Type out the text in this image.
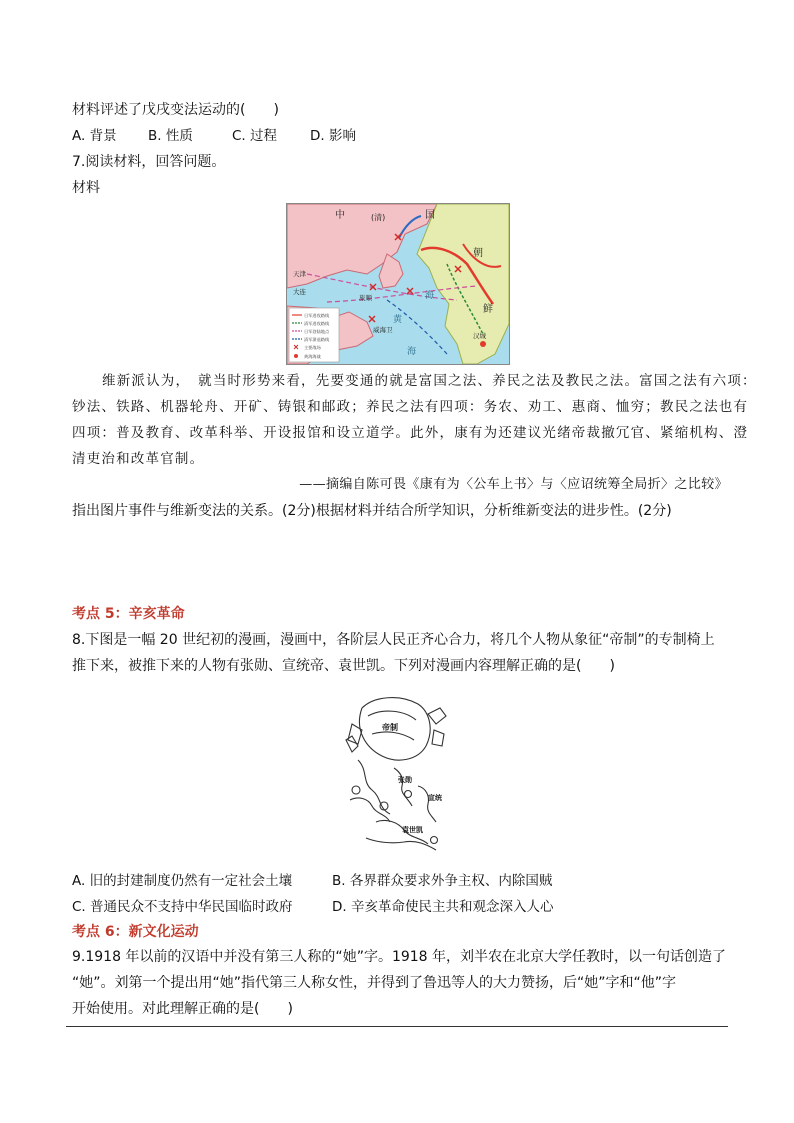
材料评述了戊戌变法运动的(　　)
A. 背景 B. 性质	C. 过程 D. 影响
7.阅读材料，回答问题。
材料
中	(清)	国
朝
鲜
天津
大连
旅顺
威海卫
汉城
黄
海
海
日军进攻路线
清军进攻路线
日军登陆地点
清军溃退路线
主要战场
黄海海战
维新派认为，　就当时形势来看，先要变通的就是富国之法、养民之法及教民之法。富国之法有六项：
钞法、铁路、机器轮舟、开矿、铸银和邮政；养民之法有四项：务农、劝工、惠商、恤穷；教民之法也有
四项：普及教育、改革科举、开设报馆和设立道学。此外，康有为还建议光绪帝裁撤冗官、紧缩机构、澄
清吏治和改革官制。
——摘编自陈可畏《康有为〈公车上书〉与〈应诏统筹全局折〉之比较》
指出图片事件与维新变法的关系。(2分)根据材料并结合所学知识，分析维新变法的进步性。(2分)
考点 5：辛亥革命
8.下图是一幅 20 世纪初的漫画，漫画中，各阶层人民正齐心合力，将几个人物从象征“帝制”的专制椅上
推下来，被推下来的人物有张勋、宣统帝、袁世凯。下列对漫画内容理解正确的是(　　)
帝制
张勋
宣统
袁世凯
A. 旧的封建制度仍然有一定社会土壤	B. 各界群众要求外争主权、内除国贼
C. 普通民众不支持中华民国临时政府	D. 辛亥革命使民主共和观念深入人心
考点 6：新文化运动
9.1918 年以前的汉语中并没有第三人称的“她”字。1918 年，刘半农在北京大学任教时，以一句话创造了
“她”。刘第一个提出用“她”指代第三人称女性，并得到了鲁迅等人的大力赞扬，后“她”字和“他”字
开始使用。对此理解正确的是(　　)
